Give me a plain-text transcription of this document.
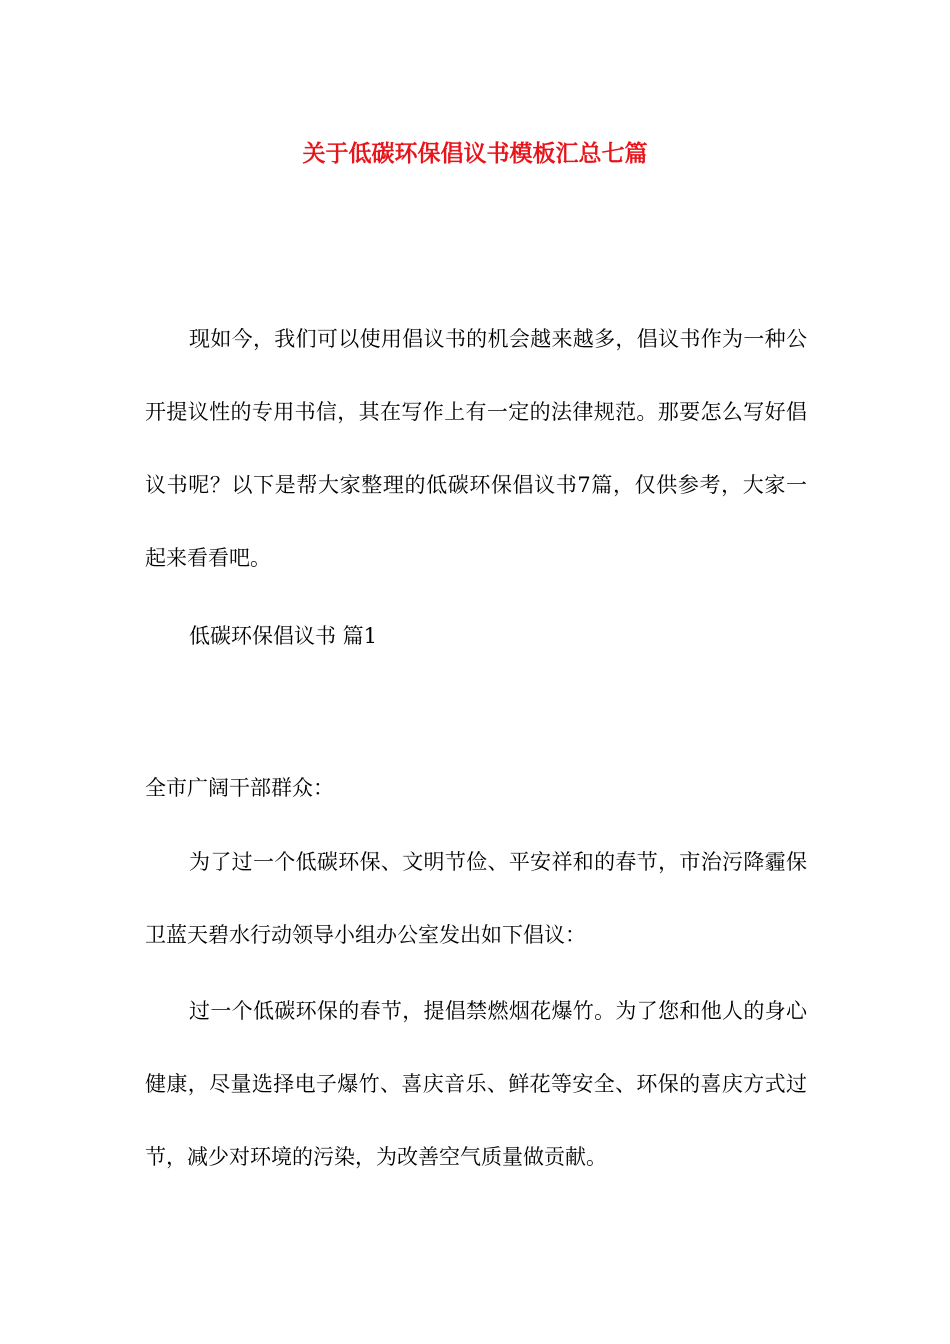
关于低碳环保倡议书模板汇总七篇
现如今，我们可以使用倡议书的机会越来越多，倡议书作为一种公开提议性的专用书信，其在写作上有一定的法律规范。那要怎么写好倡议书呢？以下是帮大家整理的低碳环保倡议书7篇，仅供参考，大家一起来看看吧。
低碳环保倡议书 篇1
全市广阔干部群众：
为了过一个低碳环保、文明节俭、平安祥和的春节，市治污降霾保卫蓝天碧水行动领导小组办公室发出如下倡议：
过一个低碳环保的春节，提倡禁燃烟花爆竹。为了您和他人的身心健康，尽量选择电子爆竹、喜庆音乐、鲜花等安全、环保的喜庆方式过节，减少对环境的污染，为改善空气质量做贡献。
